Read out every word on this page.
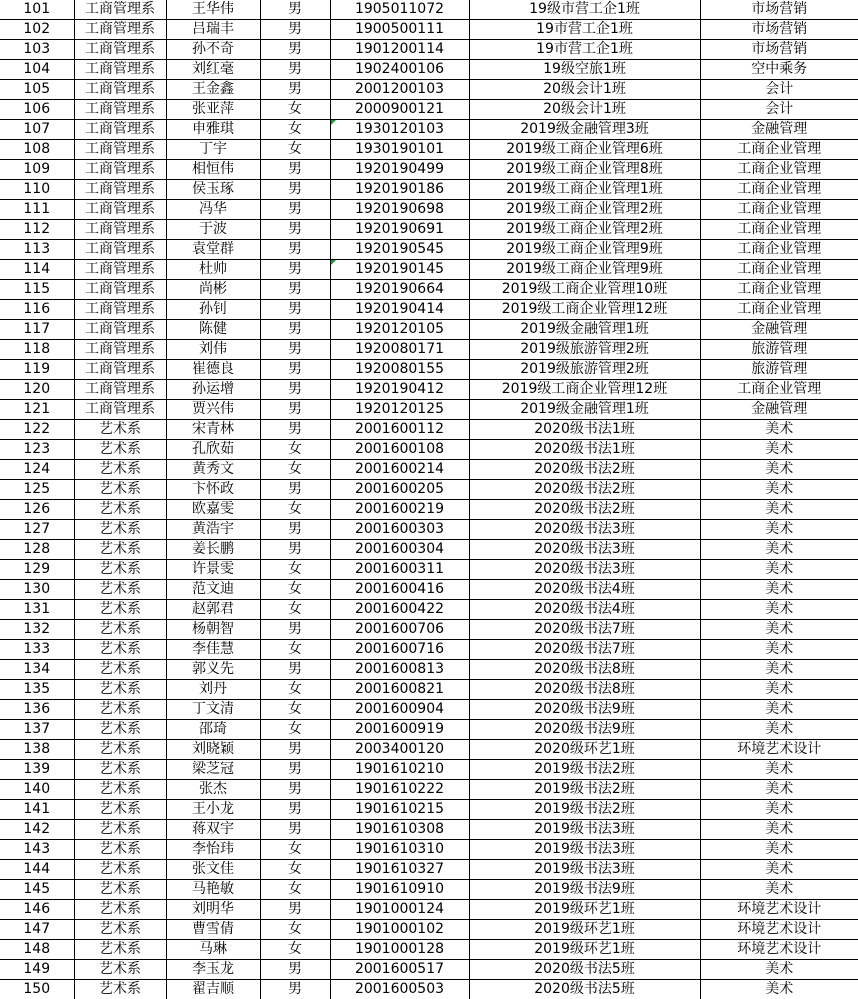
101	工商管理系	王华伟	男	1905011072	19级市营工企1班	市场营销
102	工商管理系	吕瑞丰	男	1900500111	19市营工企1班	市场营销
103	工商管理系	孙不奇	男	1901200114	19市营工企1班	市场营销
104	工商管理系	刘红毫	男	1902400106	19级空旅1班	空中乘务
105	工商管理系	王金鑫	男	2001200103	20级会计1班	会计
106	工商管理系	张亚萍	女	2000900121	20级会计1班	会计
107	工商管理系	申雅琪	女	1930120103	2019级金融管理3班	金融管理
108	工商管理系	丁宇	女	1930190101	2019级工商企业管理6班	工商企业管理
109	工商管理系	相恒伟	男	1920190499	2019级工商企业管理8班	工商企业管理
110	工商管理系	侯玉琢	男	1920190186	2019级工商企业管理1班	工商企业管理
111	工商管理系	冯华	男	1920190698	2019级工商企业管理2班	工商企业管理
112	工商管理系	于波	男	1920190691	2019级工商企业管理2班	工商企业管理
113	工商管理系	袁堂群	男	1920190545	2019级工商企业管理9班	工商企业管理
114	工商管理系	杜帅	男	1920190145	2019级工商企业管理9班	工商企业管理
115	工商管理系	尚彬	男	1920190664	2019级工商企业管理10班	工商企业管理
116	工商管理系	孙钊	男	1920190414	2019级工商企业管理12班	工商企业管理
117	工商管理系	陈健	男	1920120105	2019级金融管理1班	金融管理
118	工商管理系	刘伟	男	1920080171	2019级旅游管理2班	旅游管理
119	工商管理系	崔德良	男	1920080155	2019级旅游管理2班	旅游管理
120	工商管理系	孙运增	男	1920190412	2019级工商企业管理12班	工商企业管理
121	工商管理系	贾兴伟	男	1920120125	2019级金融管理1班	金融管理
122	艺术系	宋青林	男	2001600112	2020级书法1班	美术
123	艺术系	孔欣茹	女	2001600108	2020级书法1班	美术
124	艺术系	黄秀文	女	2001600214	2020级书法2班	美术
125	艺术系	卞怀政	男	2001600205	2020级书法2班	美术
126	艺术系	欧嘉雯	女	2001600219	2020级书法2班	美术
127	艺术系	黄浩宇	男	2001600303	2020级书法3班	美术
128	艺术系	姜长鹏	男	2001600304	2020级书法3班	美术
129	艺术系	许景雯	女	2001600311	2020级书法3班	美术
130	艺术系	范文迪	女	2001600416	2020级书法4班	美术
131	艺术系	赵郭君	女	2001600422	2020级书法4班	美术
132	艺术系	杨朝智	男	2001600706	2020级书法7班	美术
133	艺术系	李佳慧	女	2001600716	2020级书法7班	美术
134	艺术系	郭义先	男	2001600813	2020级书法8班	美术
135	艺术系	刘丹	女	2001600821	2020级书法8班	美术
136	艺术系	丁文清	女	2001600904	2020级书法9班	美术
137	艺术系	邵琦	女	2001600919	2020级书法9班	美术
138	艺术系	刘晓颖	男	2003400120	2020级环艺1班	环境艺术设计
139	艺术系	梁芝冠	男	1901610210	2019级书法2班	美术
140	艺术系	张杰	男	1901610222	2019级书法2班	美术
141	艺术系	王小龙	男	1901610215	2019级书法2班	美术
142	艺术系	蒋双宇	男	1901610308	2019级书法3班	美术
143	艺术系	李怡玮	女	1901610310	2019级书法3班	美术
144	艺术系	张文佳	女	1901610327	2019级书法3班	美术
145	艺术系	马艳敏	女	1901610910	2019级书法9班	美术
146	艺术系	刘明华	男	1901000124	2019级环艺1班	环境艺术设计
147	艺术系	曹雪倩	女	1901000102	2019级环艺1班	环境艺术设计
148	艺术系	马琳	女	1901000128	2019级环艺1班	环境艺术设计
149	艺术系	李玉龙	男	2001600517	2020级书法5班	美术
150	艺术系	翟吉顺	男	2001600503	2020级书法5班	美术
